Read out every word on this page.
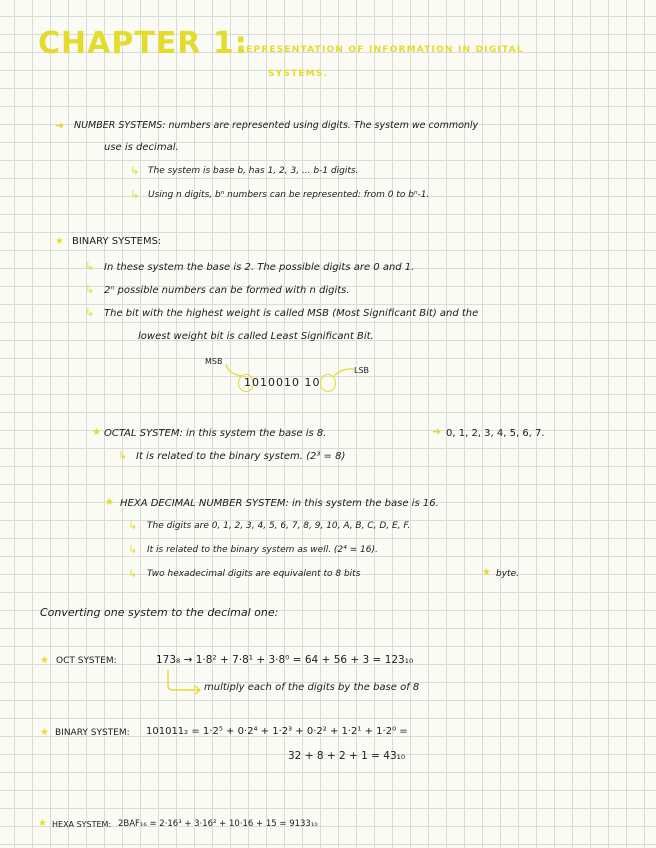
CHAPTER 1:
REPRESENTATION OF INFORMATION IN DIGITAL
SYSTEMS.
➜ NUMBER SYSTEMS: numbers are represented using digits. The system we commonly
use is decimal.
↳ The system is base b, has 1, 2, 3, ... b-1 digits.
↳ Using n digits, bⁿ numbers can be represented: from 0 to bⁿ-1.
★ BINARY SYSTEMS:
↳ In these system the base is 2. The possible digits are 0 and 1.
↳ 2ⁿ possible numbers can be formed with n digits.
↳ The bit with the highest weight is called MSB (Most Significant Bit) and the
lowest weight bit is called Least Significant Bit.
MSB
LSB
1010010 10
★ OCTAL SYSTEM: in this system the base is 8.	➜ 0, 1, 2, 3, 4, 5, 6, 7.
↳ It is related to the binary system. (2³ = 8)
★ HEXA DECIMAL NUMBER SYSTEM: in this system the base is 16.
↳ The digits are 0, 1, 2, 3, 4, 5, 6, 7, 8, 9, 10, A, B, C, D, E, F.
↳ It is related to the binary system as well. (2⁴ = 16).
↳ Two hexadecimal digits are equivalent to 8 bits	★ byte.
Converting one system to the decimal one:
★ OCT SYSTEM:	173₈ → 1·8² + 7·8¹ + 3·8⁰ = 64 + 56 + 3 = 123₁₀
multiply each of the digits by the base of 8
★ BINARY SYSTEM: 101011₂ = 1·2⁵ + 0·2⁴ + 1·2³ + 0·2² + 1·2¹ + 1·2⁰ =
32 + 8 + 2 + 1 = 43₁₀
★ HEXA SYSTEM: 2BAF₁₆ = 2·16³ + 3·16² + 10·16 + 15 = 9133₁₀
